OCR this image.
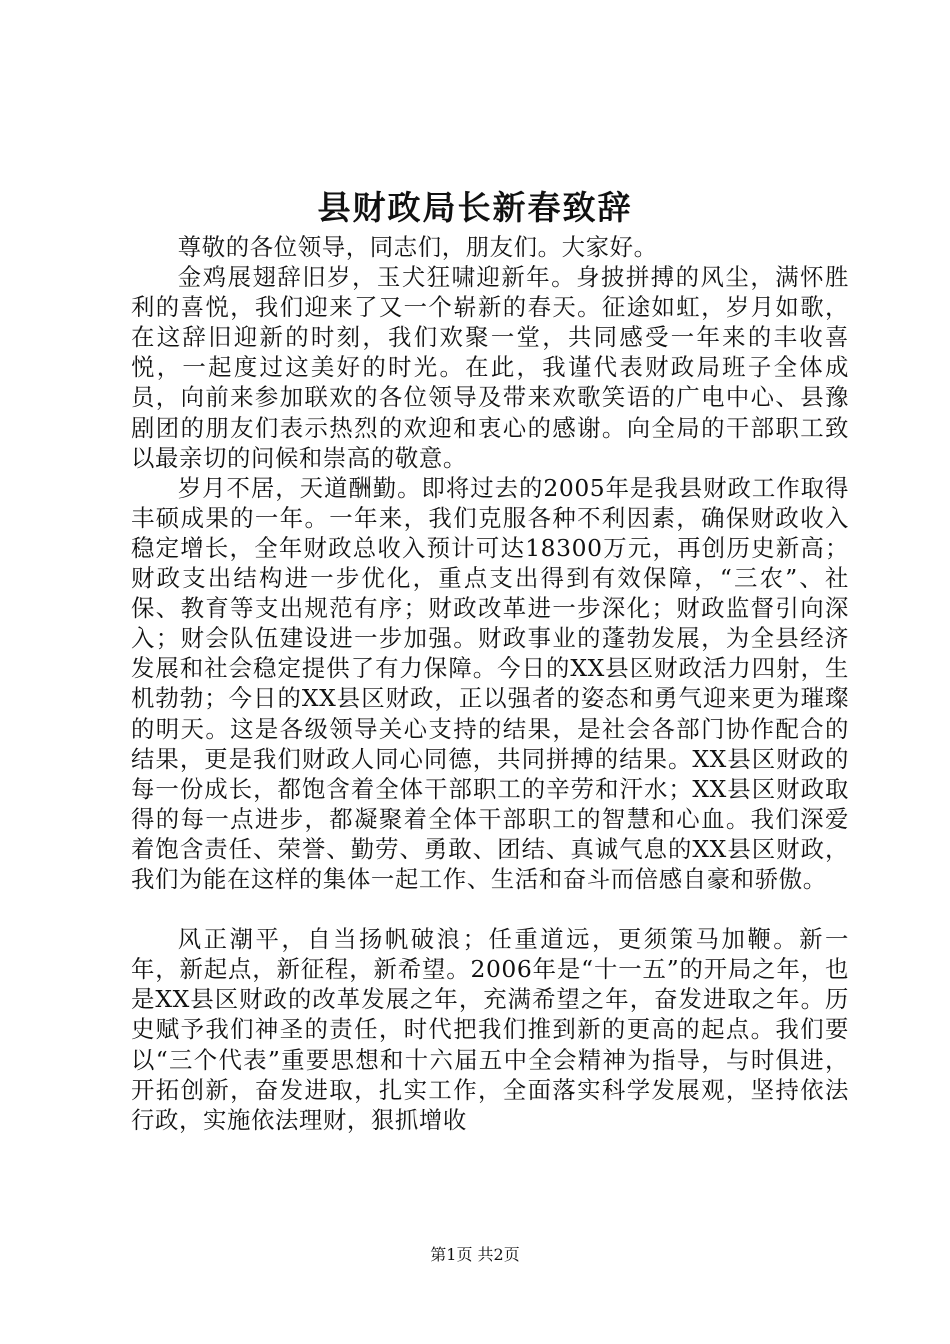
县财政局长新春致辞

尊敬的各位领导，同志们，朋友们。大家好。

金鸡展翅辞旧岁，玉犬狂啸迎新年。身披拼搏的风尘，满怀胜利的喜悦，我们迎来了又一个崭新的春天。征途如虹，岁月如歌，在这辞旧迎新的时刻，我们欢聚一堂，共同感受一年来的丰收喜悦，一起度过这美好的时光。在此，我谨代表财政局班子全体成员，向前来参加联欢的各位领导及带来欢歌笑语的广电中心、县豫剧团的朋友们表示热烈的欢迎和衷心的感谢。向全局的干部职工致以最亲切的问候和崇高的敬意。

岁月不居，天道酬勤。即将过去的2005年是我县财政工作取得丰硕成果的一年。一年来，我们克服各种不利因素，确保财政收入稳定增长，全年财政总收入预计可达18300万元，再创历史新高；财政支出结构进一步优化，重点支出得到有效保障，“三农”、社保、教育等支出规范有序；财政改革进一步深化；财政监督引向深入；财会队伍建设进一步加强。财政事业的蓬勃发展，为全县经济发展和社会稳定提供了有力保障。今日的XX县区财政活力四射，生机勃勃；今日的XX县区财政，正以强者的姿态和勇气迎来更为璀璨的明天。这是各级领导关心支持的结果，是社会各部门协作配合的结果，更是我们财政人同心同德，共同拼搏的结果。XX县区财政的每一份成长，都饱含着全体干部职工的辛劳和汗水；XX县区财政取得的每一点进步，都凝聚着全体干部职工的智慧和心血。我们深爱着饱含责任、荣誉、勤劳、勇敢、团结、真诚气息的XX县区财政，我们为能在这样的集体一起工作、生活和奋斗而倍感自豪和骄傲。

风正潮平，自当扬帆破浪；任重道远，更须策马加鞭。新一年，新起点，新征程，新希望。2006年是“十一五”的开局之年，也是XX县区财政的改革发展之年，充满希望之年，奋发进取之年。历史赋予我们神圣的责任，时代把我们推到新的更高的起点。我们要以“三个代表”重要思想和十六届五中全会精神为指导，与时俱进，开拓创新，奋发进取，扎实工作，全面落实科学发展观，坚持依法行政，实施依法理财，狠抓增收

第1页 共2页
